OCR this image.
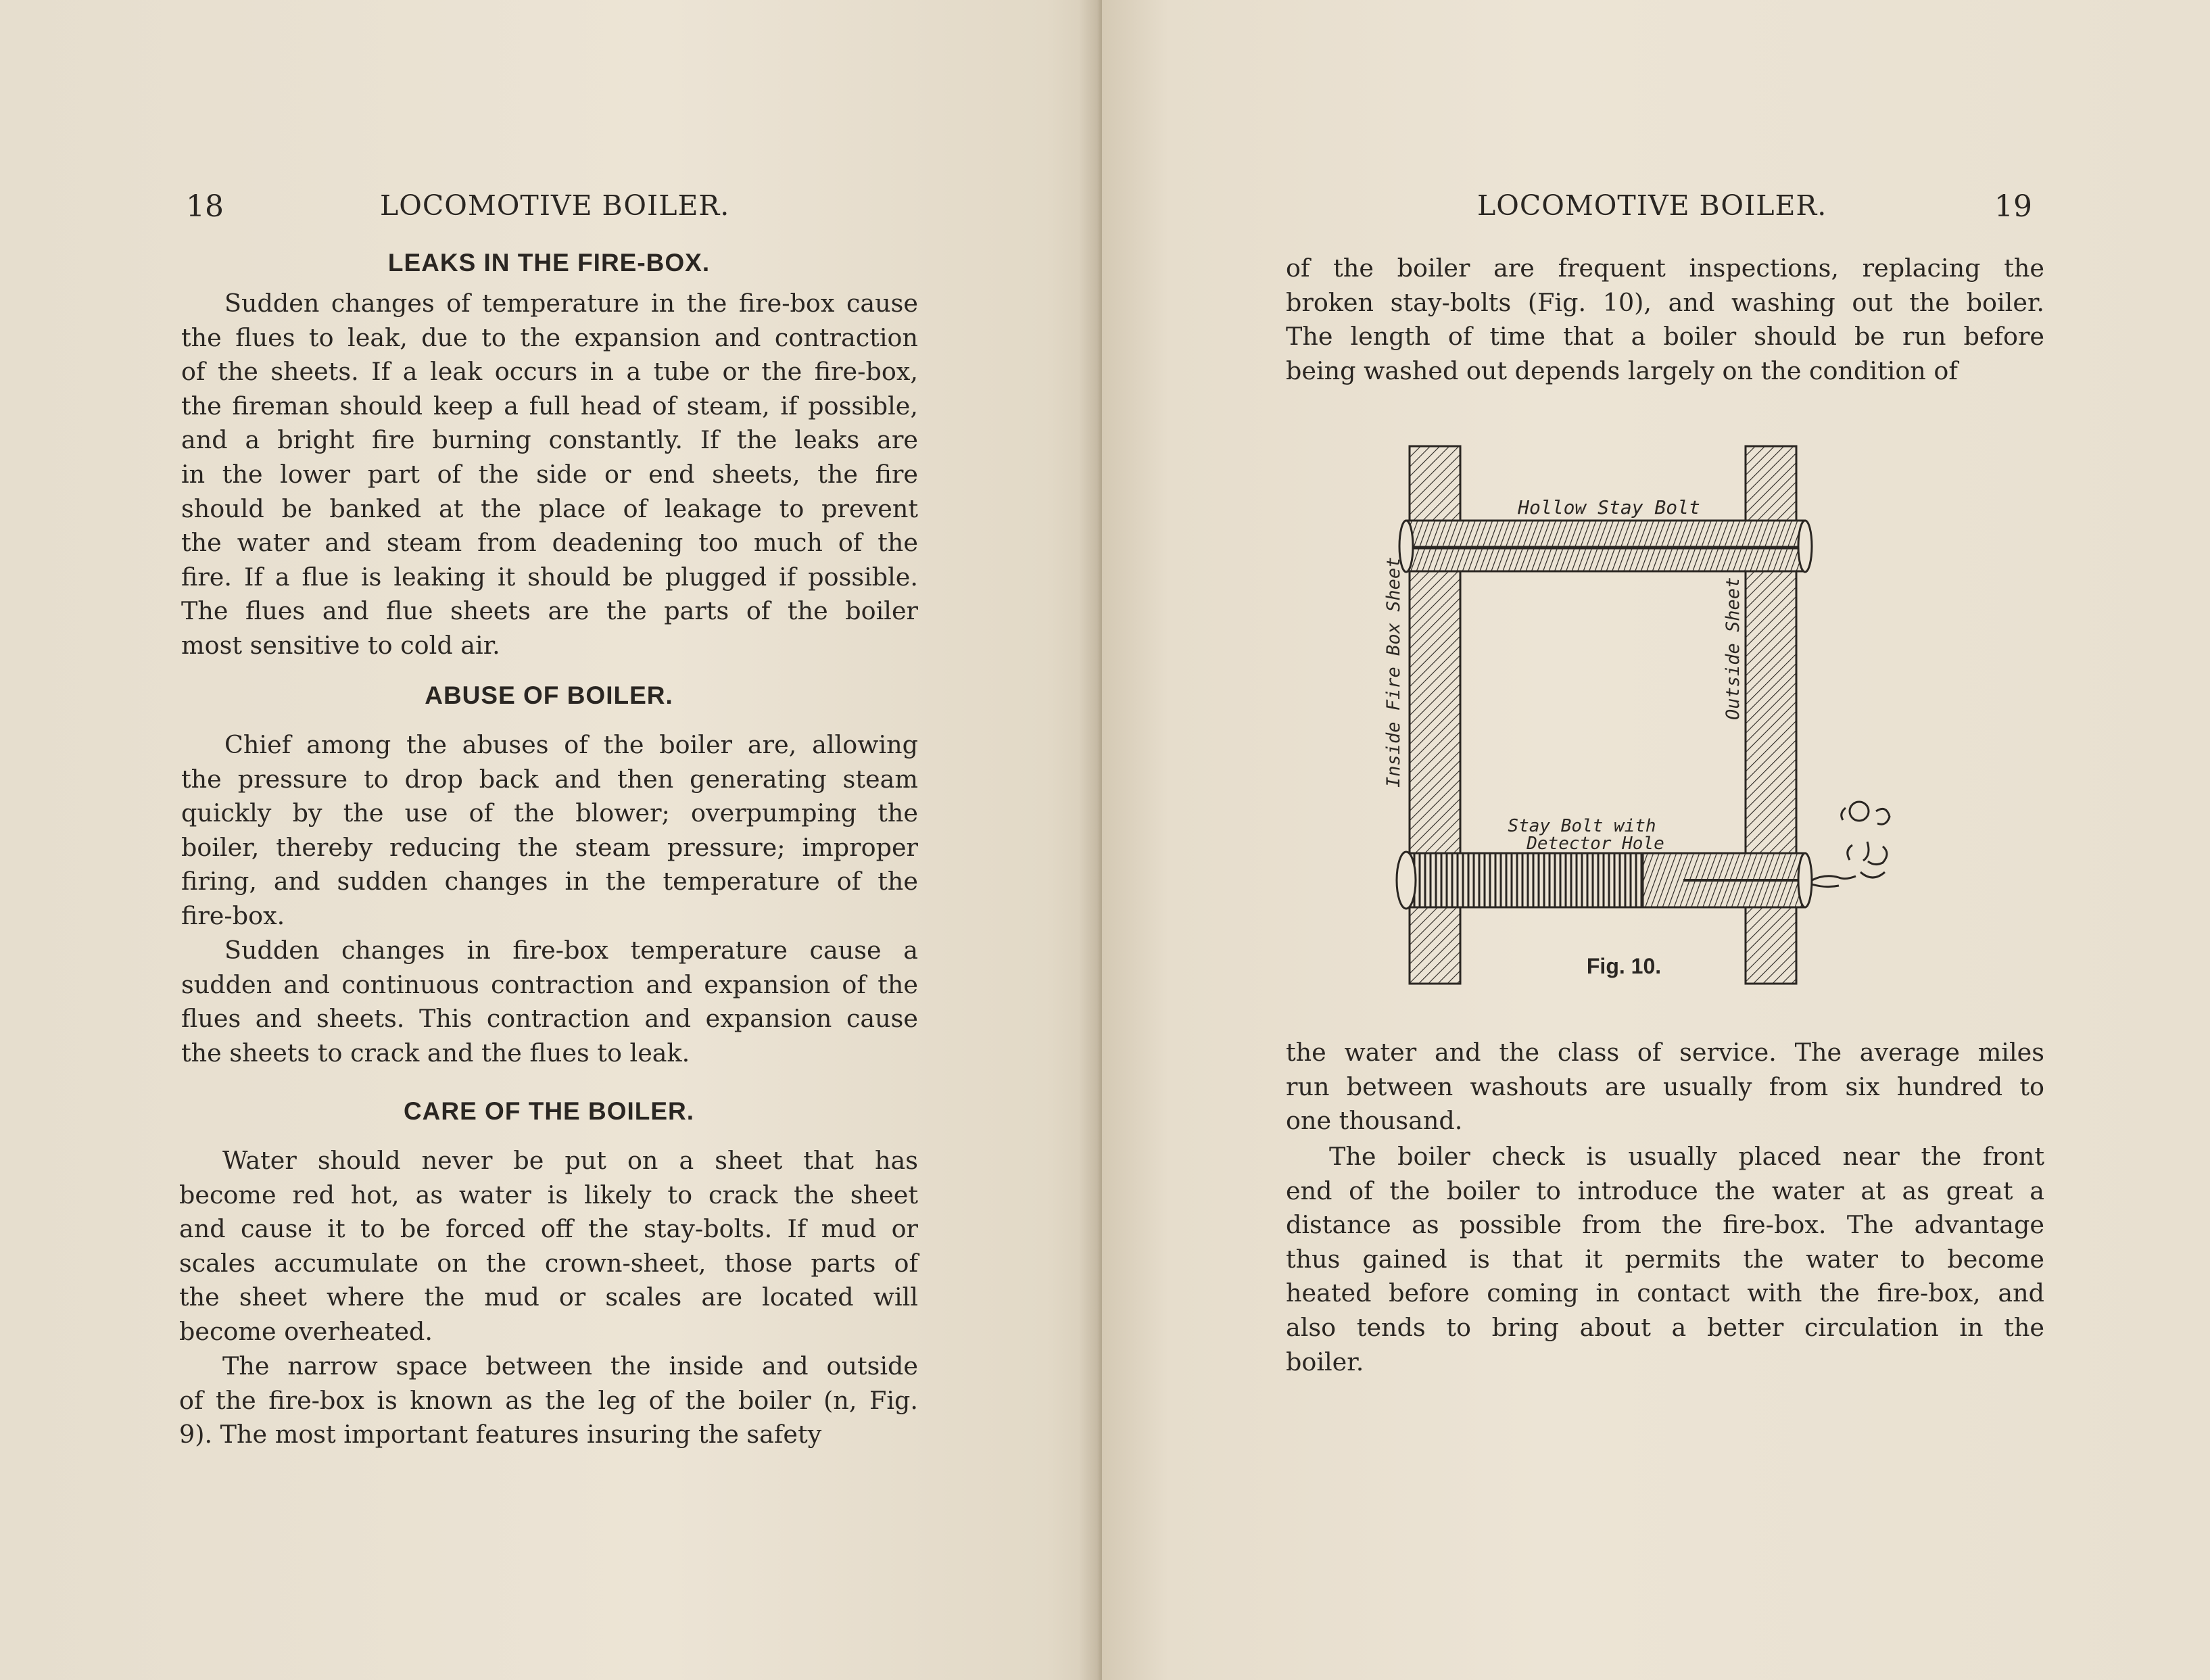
18	LOCOMOTIVE BOILER.
LEAKS IN THE FIRE-BOX.
Sudden changes of temperature in the fire-box cause
the flues to leak, due to the expansion and contraction
of the sheets. If a leak occurs in a tube or the fire-box,
the fireman should keep a full head of steam, if possible,
and a bright fire burning constantly. If the leaks are
in the lower part of the side or end sheets, the fire
should be banked at the place of leakage to prevent
the water and steam from deadening too much of the
fire. If a flue is leaking it should be plugged if possible.
The flues and flue sheets are the parts of the boiler
most sensitive to cold air.
ABUSE OF BOILER.
Chief among the abuses of the boiler are, allowing
the pressure to drop back and then generating steam
quickly by the use of the blower; overpumping the
boiler, thereby reducing the steam pressure; improper
firing, and sudden changes in the temperature of the
fire-box.
Sudden changes in fire-box temperature cause a
sudden and continuous contraction and expansion of the
flues and sheets. This contraction and expansion cause
the sheets to crack and the flues to leak.
CARE OF THE BOILER.
Water should never be put on a sheet that has
become red hot, as water is likely to crack the sheet
and cause it to be forced off the stay-bolts. If mud or
scales accumulate on the crown-sheet, those parts of
the sheet where the mud or scales are located will
become overheated.
The narrow space between the inside and outside
of the fire-box is known as the leg of the boiler (n, Fig.
9). The most important features insuring the safety
LOCOMOTIVE BOILER.	19
of the boiler are frequent inspections, replacing the
broken stay-bolts (Fig. 10), and washing out the boiler.
The length of time that a boiler should be run before
being washed out depends largely on the condition of
the water and the class of service. The average miles
run between washouts are usually from six hundred to
one thousand.
The boiler check is usually placed near the front
end of the boiler to introduce the water at as great a
distance as possible from the fire-box. The advantage
thus gained is that it permits the water to become
heated before coming in contact with the fire-box, and
also tends to bring about a better circulation in the
boiler.
Hollow Stay Bolt
Inside Fire Box Sheet	Outside Sheet
Stay Bolt with
Detector Hole
Fig. 10.
